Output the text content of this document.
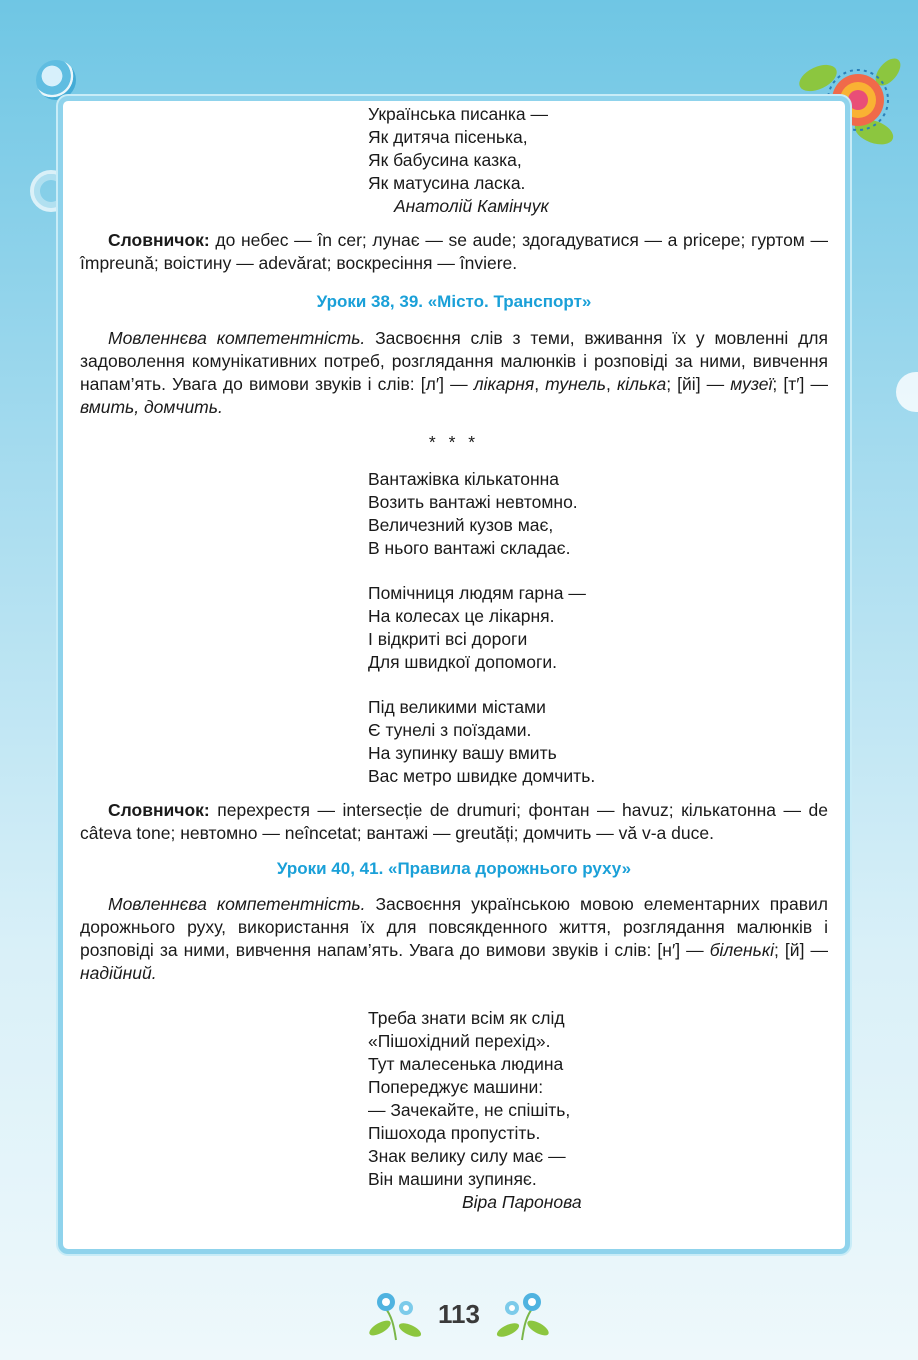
Українська писанка —
Як дитяча пісенька,
Як бабусина казка,
Як матусина ласка.
Анатолій Камінчук

Словничок: до небес — în cer; лунає — se aude; здогадуватися — a pricepe; гуртом — împreună; воістину — adevărat; воскресіння — înviere.

Уроки 38, 39. «Місто. Транспорт»

Мовленнєва компетентність. Засвоєння слів з теми, вживання їх у мовленні для задоволення комунікативних потреб, розглядання малюнків і розповіді за ними, вивчення напам’ять. Увага до вимови звуків і слів: [л′] — лікарня, тунель, кілька; [йі] — музеї; [т′] — вмить, домчить.

* * *
Вантажівка кількатонна
Возить вантажі невтомно.
Величезний кузов має,
В нього вантажі складає.
Помічниця людям гарна —
На колесах це лікарня.
І відкриті всі дороги
Для швидкої допомоги.
Під великими містами
Є тунелі з поїздами.
На зупинку вашу вмить
Вас метро швидке домчить.

Словничок: перехрестя — intersecție de drumuri; фонтан — havuz; кількатонна — de câteva tone; невтомно — neîncetat; вантажі — greutăți; домчить — vă v-a duce.

Уроки 40, 41. «Правила дорожнього руху»

Мовленнєва компетентність. Засвоєння українською мовою елементарних правил дорожнього руху, використання їх для повсякденного життя, розглядання малюнків і розповіді за ними, вивчення напам’ять. Увага до вимови звуків і слів: [н′] — біленькі; [й] — надійний.

Треба знати всім як слід
«Пішохідний перехід».
Тут малесенька людина
Попереджує машини:
— Зачекайте, не спішіть,
Пішохода пропустіть.
Знак велику силу має —
Він машини зупиняє.
Віра Паронова
113
